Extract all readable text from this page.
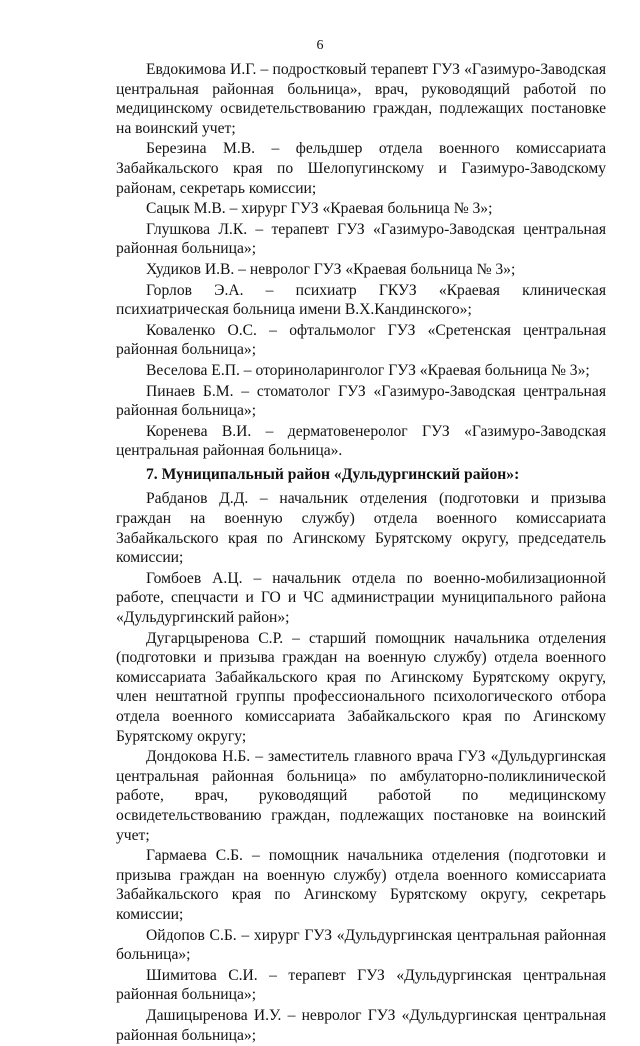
6

Евдокимова И.Г. – подростковый терапевт ГУЗ «Газимуро-Заводская центральная районная больница», врач, руководящий работой по медицинскому освидетельствованию граждан, подлежащих постановке на воинский учет;

Березина М.В. – фельдшер отдела военного комиссариата Забайкальского края по Шелопугинскому и Газимуро-Заводскому районам, секретарь комиссии;

Сацык М.В. – хирург ГУЗ «Краевая больница № 3»;

Глушкова Л.К. – терапевт ГУЗ «Газимуро-Заводская центральная районная больница»;

Худиков И.В. – невролог ГУЗ «Краевая больница № 3»;

Горлов Э.А. – психиатр ГКУЗ «Краевая клиническая психиатрическая больница имени В.Х.Кандинского»;

Коваленко О.С. – офтальмолог ГУЗ «Сретенская центральная районная больница»;

Веселова Е.П. – оториноларинголог ГУЗ «Краевая больница № 3»;

Пинаев Б.М. – стоматолог ГУЗ «Газимуро-Заводская центральная районная больница»;

Коренева В.И. – дерматовенеролог ГУЗ «Газимуро-Заводская центральная районная больница».

7. Муниципальный район «Дульдургинский район»:

Рабданов Д.Д. – начальник отделения (подготовки и призыва граждан на военную службу) отдела военного комиссариата Забайкальского края по Агинскому Бурятскому округу, председатель комиссии;

Гомбоев А.Ц. – начальник отдела по военно-мобилизационной работе, спецчасти и ГО и ЧС администрации муниципального района «Дульдургинский район»;

Дугарцыренова С.Р. – старший помощник начальника отделения (подготовки и призыва граждан на военную службу) отдела военного комиссариата Забайкальского края по Агинскому Бурятскому округу, член нештатной группы профессионального психологического отбора отдела военного комиссариата Забайкальского края по Агинскому Бурятскому округу;

Дондокова Н.Б. – заместитель главного врача ГУЗ «Дульдургинская центральная районная больница» по амбулаторно-поликлинической работе, врач, руководящий работой по медицинскому освидетельствованию граждан, подлежащих постановке на воинский учет;

Гармаева С.Б. – помощник начальника отделения (подготовки и призыва граждан на военную службу) отдела военного комиссариата Забайкальского края по Агинскому Бурятскому округу, секретарь комиссии;

Ойдопов С.Б. – хирург ГУЗ «Дульдургинская центральная районная больница»;

Шимитова С.И. – терапевт ГУЗ «Дульдургинская центральная районная больница»;

Дашицыренова И.У. – невролог ГУЗ «Дульдургинская центральная районная больница»;
